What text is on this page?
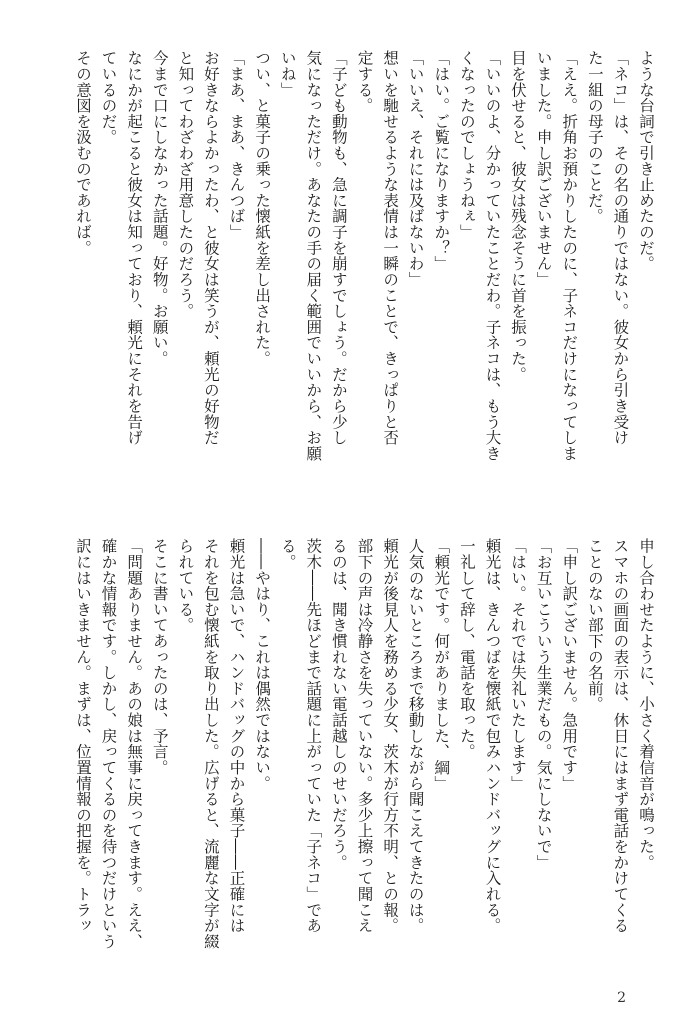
ような台詞で引き止めたのだ。
「ネコ」は、その名の通りではない。彼女から引き受け
た一組の母子のことだ。
「ええ。折角お預かりしたのに、子ネコだけになってしま
いました。申し訳ございません」
目を伏せると、彼女は残念そうに首を振った。
「いいのよ、分かっていたことだわ。子ネコは、もう大き
くなったのでしょうねぇ」
「はい。ご覧になりますか？」
「いいえ、それには及ばないわ」
想いを馳せるような表情は一瞬のことで、きっぱりと否
定する。
「子ども動物も、急に調子を崩すでしょう。だから少し
気になっただけ。あなたの手の届く範囲でいいから、お願
いね」
つい、と菓子の乗った懐紙を差し出された。
「まあ、まあ、きんつば」
お好きならよかったわ、と彼女は笑うが、頼光の好物だ
と知ってわざわざ用意したのだろう。
今まで口にしなかった話題。好物。お願い。
なにかが起こると彼女は知っており、頼光にそれを告げ
ているのだ。
その意図を汲むのであれば。
申し合わせたように、小さく着信音が鳴った。
スマホの画面の表示は、休日にはまず電話をかけてくる
ことのない部下の名前。
「申し訳ございません。急用です」
「お互いこういう生業だもの。気にしないで」
「はい。それでは失礼いたします」
頼光は、きんつばを懐紙で包みハンドバッグに入れる。
一礼して辞し、電話を取った。
「頼光です。何がありました、綱」
人気のないところまで移動しながら聞こえてきたのは。
頼光が後見人を務める少女、茨木が行方不明、との報。
部下の声は冷静さを失っていない。多少上擦って聞こえ
るのは、聞き慣れない電話越しのせいだろう。
茨木――先ほどまで話題に上がっていた「子ネコ」であ
る。
――やはり、これは偶然ではない。
頼光は急いで、ハンドバッグの中から菓子――正確には
それを包む懐紙を取り出した。広げると、流麗な文字が綴
られている。
そこに書いてあったのは、予言。
「問題ありません。あの娘は無事に戻ってきます。ええ、
確かな情報です。しかし、戻ってくるのを待つだけという
訳にはいきません。まずは、位置情報の把握を。トラッ
2
